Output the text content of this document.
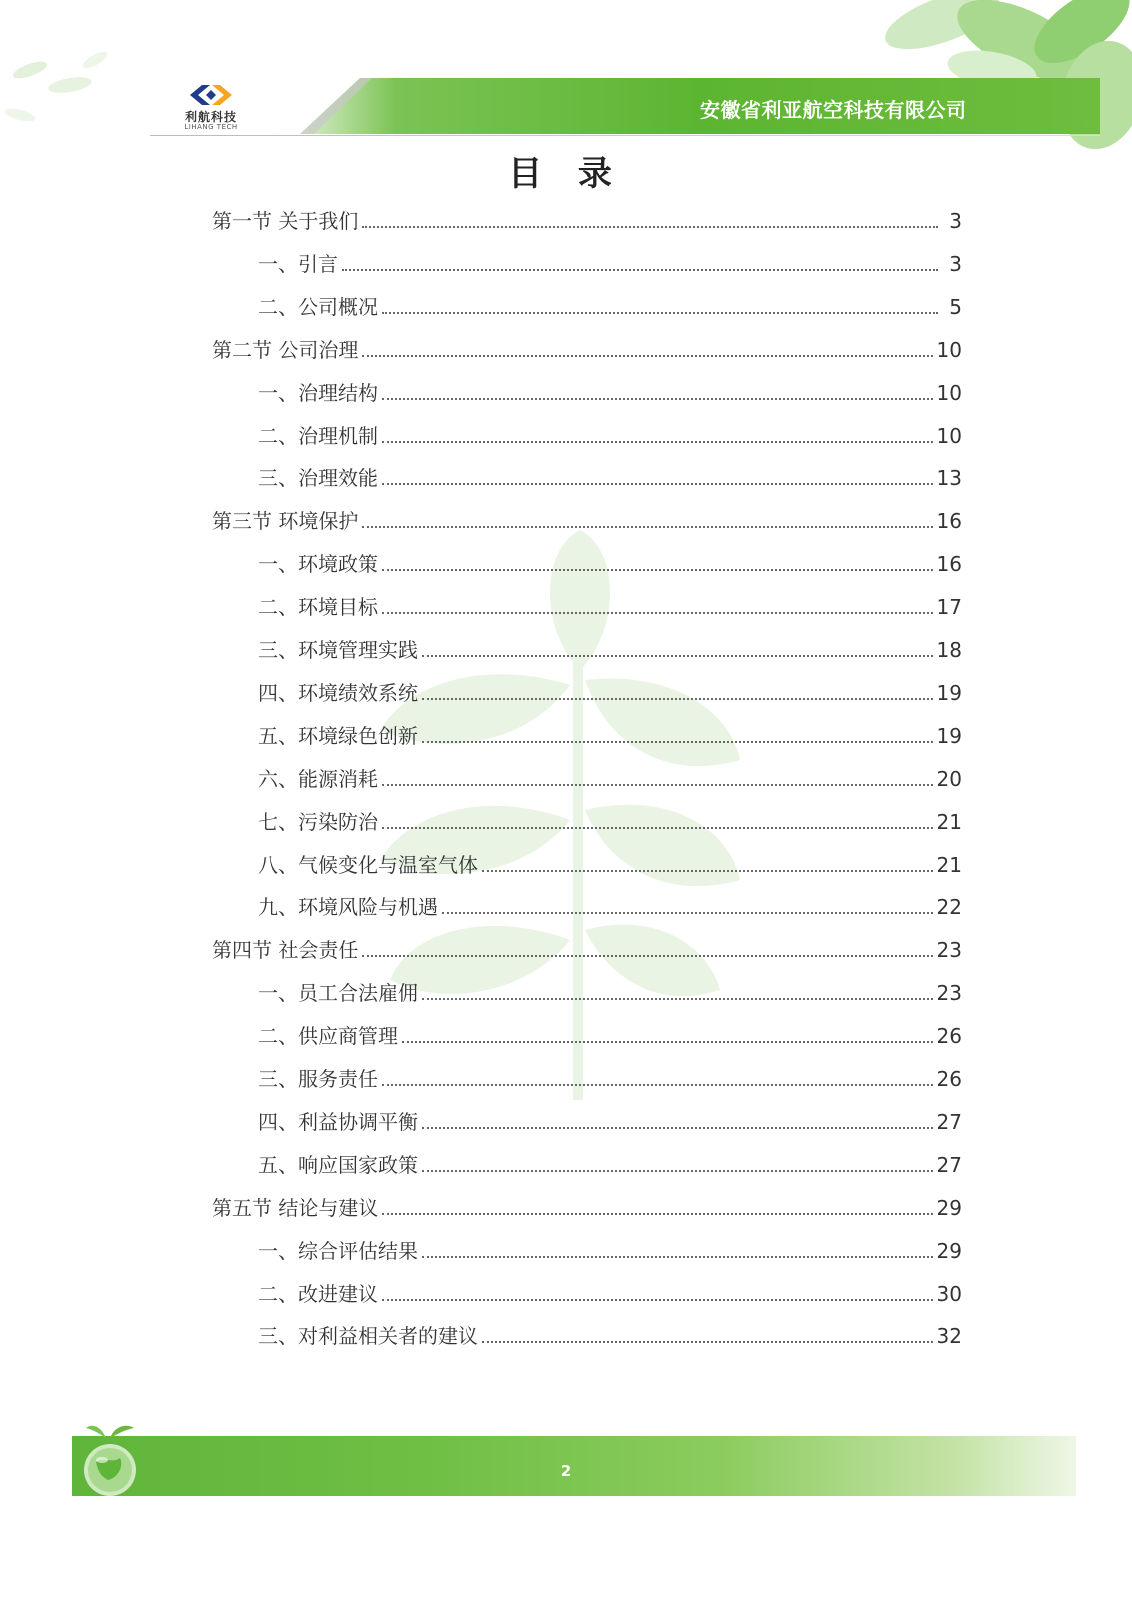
安徽省利亚航空科技有限公司
利航科技
LIHANG TECH
目 录
第一节 关于我们	3
一、引言	3
二、公司概况	5
第二节 公司治理	10
一、治理结构	10
二、治理机制	10
三、治理效能	13
第三节 环境保护	16
一、环境政策	16
二、环境目标	17
三、环境管理实践	18
四、环境绩效系统	19
五、环境绿色创新	19
六、能源消耗	20
七、污染防治	21
八、气候变化与温室气体	21
九、环境风险与机遇	22
第四节 社会责任	23
一、员工合法雇佣	23
二、供应商管理	26
三、服务责任	26
四、利益协调平衡	27
五、响应国家政策	27
第五节 结论与建议	29
一、综合评估结果	29
二、改进建议	30
三、对利益相关者的建议	32
2
